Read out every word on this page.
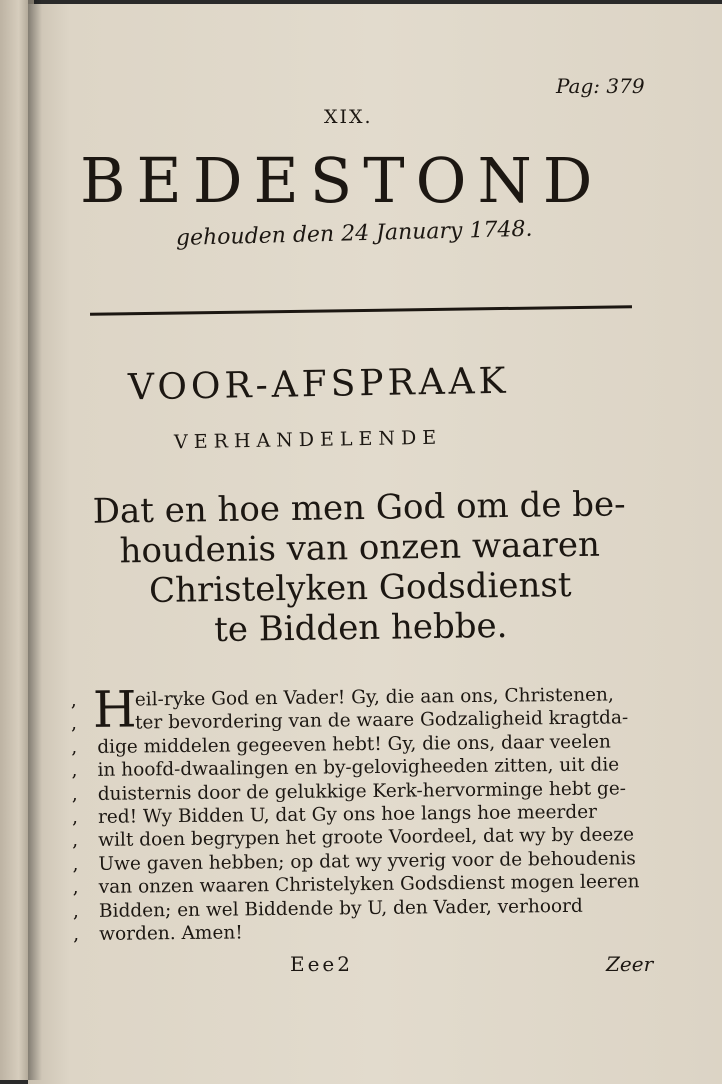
Pag: 379
XIX.
BEDESTOND
gehouden den 24 January 1748.
VOOR-AFSPRAAK
VERHANDELENDE
Dat en hoe men God om de be-
houdenis van onzen waaren
Christelyken Godsdienst
te Bidden hebbe.
, H
eil-ryke God en Vader! Gy, die aan ons, Christenen,
,	ter bevordering van de waare Godzaligheid kragtda-
,	dige middelen gegeeven hebt! Gy, die ons, daar veelen
,	in hoofd-dwaalingen en by-gelovigheeden zitten, uit die
,	duisternis door de gelukkige Kerk-hervorminge hebt ge-
,	red! Wy Bidden U, dat Gy ons hoe langs hoe meerder
,	wilt doen begrypen het groote Voordeel, dat wy by deeze
,	Uwe gaven hebben; op dat wy yverig voor de behoudenis
,	van onzen waaren Christelyken Godsdienst mogen leeren
,	Bidden; en wel Biddende by U, den Vader, verhoord
,	worden. Amen!
Eee2	Zeer
